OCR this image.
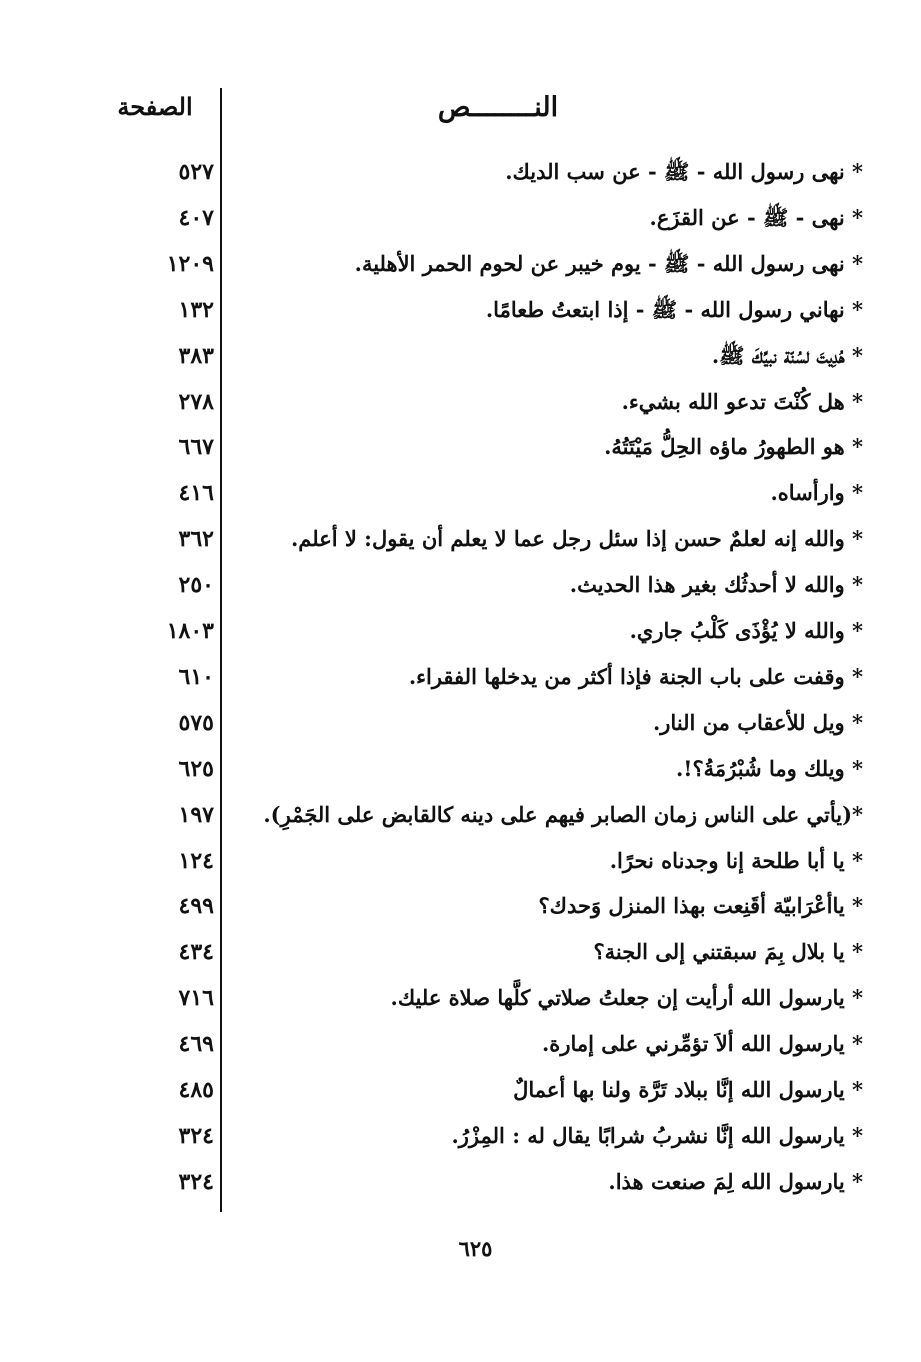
النــــــــص
الصفحة
* نهى رسول الله - ﷺ - عن سب الديك.
٥٢٧
* نهى - ﷺ - عن القزَع.
٤٠٧
* نهى رسول الله - ﷺ - يوم خيبر عن لحوم الحمر الأهلية.
١٢٠٩
* نهاني رسول الله - ﷺ - إذا ابتعتُ طعامًا.
١٣٢
* هُدِيتَ لسُنّة نبيِّكَ ﷺ.
٣٨٣
* هل كُنْتَ تدعو الله بشيء.
٢٧٨
* هو الطهورُ ماؤه الحِلُّ مَيْتَتُهُ.
٦٦٧
* وارأساه.
٤١٦
* والله إنه لعلمٌ حسن إذا سئل رجل عما لا يعلم أن يقول: لا أعلم.
٣٦٢
* والله لا أحدثُك بغير هذا الحديث.
٢٥٠
* والله لا يُؤْذَى كَلْبُ جاري.
١٨٠٣
* وقفت على باب الجنة فإذا أكثر من يدخلها الفقراء.
٦١٠
* ويل للأعقاب من النار.
٥٧٥
* ويلك وما شُبْرُمَةُ؟!.
٦٢٥
*(يأتي على الناس زمان الصابر فيهم على دينه كالقابض على الجَمْرِ).
١٩٧
* يا أبا طلحة إنا وجدناه نحرًا.
١٢٤
* ياأعْرَابيّة أقَنِعت بهذا المنزل وَحدك؟
٤٩٩
* يا بلال بِمَ سبقتني إلى الجنة؟
٤٣٤
* يارسول الله أرأيت إن جعلتُ صلاتي كلَّها صلاة عليك.
٧١٦
* يارسول الله ألاَ تؤمِّرني على إمارة.
٤٦٩
* يارسول الله إنَّا ببلاد تَرَّة ولنا بها أعمالٌ
٤٨٥
* يارسول الله إنَّا نشربُ شرابًا يقال له : المِزْرُ.
٣٢٤
* يارسول الله لِمَ صنعت هذا.
٣٢٤
٦٢٥
